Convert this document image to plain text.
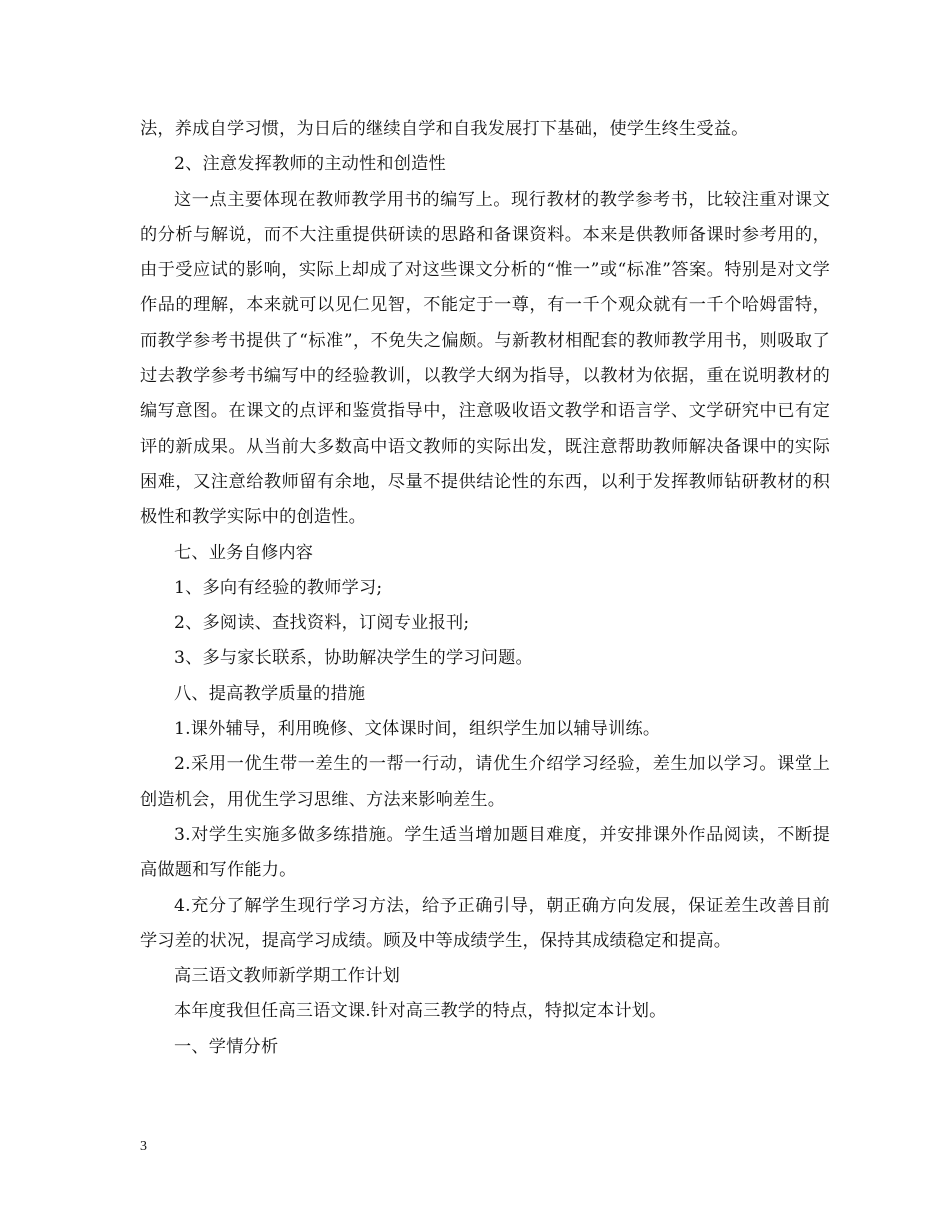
法，养成自学习惯，为日后的继续自学和自我发展打下基础，使学生终生受益。

2、注意发挥教师的主动性和创造性

这一点主要体现在教师教学用书的编写上。现行教材的教学参考书，比较注重对课文的分析与解说，而不大注重提供研读的思路和备课资料。本来是供教师备课时参考用的，由于受应试的影响，实际上却成了对这些课文分析的“惟一”或“标准”答案。特别是对文学作品的理解，本来就可以见仁见智，不能定于一尊，有一千个观众就有一千个哈姆雷特，而教学参考书提供了“标准”，不免失之偏颇。与新教材相配套的教师教学用书，则吸取了过去教学参考书编写中的经验教训，以教学大纲为指导，以教材为依据，重在说明教材的编写意图。在课文的点评和鉴赏指导中，注意吸收语文教学和语言学、文学研究中已有定评的新成果。从当前大多数高中语文教师的实际出发，既注意帮助教师解决备课中的实际困难，又注意给教师留有余地，尽量不提供结论性的东西，以利于发挥教师钻研教材的积极性和教学实际中的创造性。

七、业务自修内容

1、多向有经验的教师学习;

2、多阅读、查找资料，订阅专业报刊;

3、多与家长联系，协助解决学生的学习问题。

八、提高教学质量的措施

1.课外辅导，利用晚修、文体课时间，组织学生加以辅导训练。

2.采用一优生带一差生的一帮一行动，请优生介绍学习经验，差生加以学习。课堂上创造机会，用优生学习思维、方法来影响差生。

3.对学生实施多做多练措施。学生适当增加题目难度，并安排课外作品阅读，不断提高做题和写作能力。

4.充分了解学生现行学习方法，给予正确引导，朝正确方向发展，保证差生改善目前学习差的状况，提高学习成绩。顾及中等成绩学生，保持其成绩稳定和提高。

高三语文教师新学期工作计划

本年度我但任高三语文课.针对高三教学的特点，特拟定本计划。

一、学情分析

3
